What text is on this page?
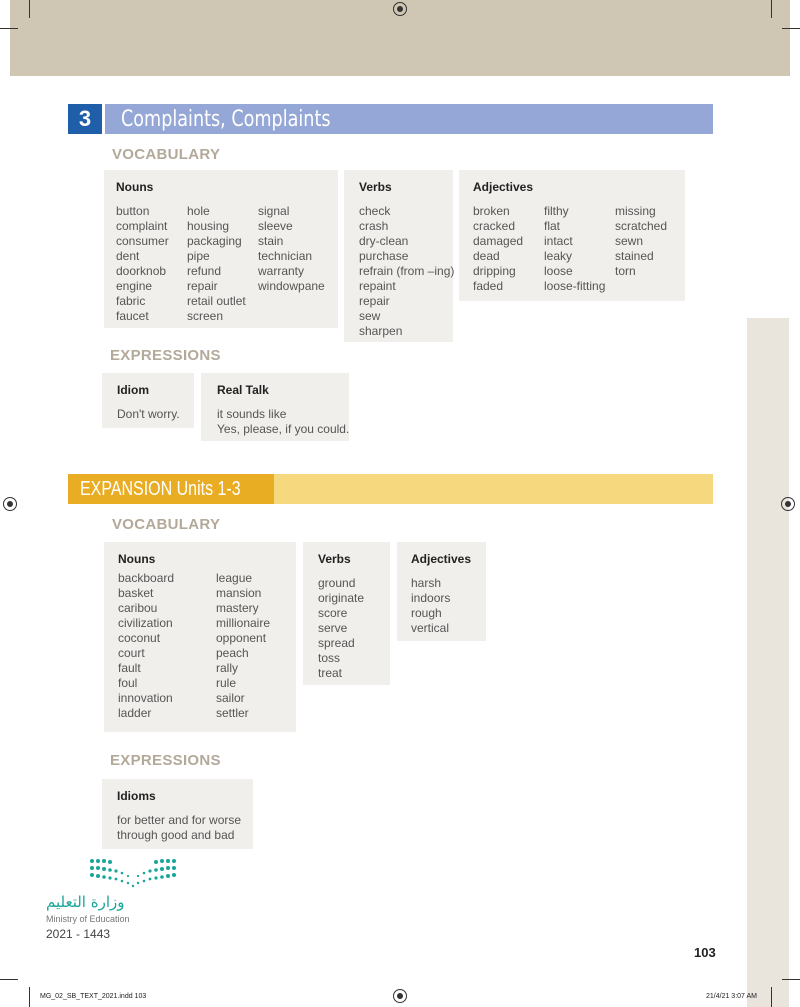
3	Complaints, Complaints
VOCABULARY
Nouns
button
complaint
consumer
dent
doorknob
engine
fabric
faucet
hole
housing
packaging
pipe
refund
repair
retail outlet
screen
signal
sleeve
stain
technician
warranty
windowpane
Verbs
check
crash
dry-clean
purchase
refrain (from –ing)
repaint
repair
sew
sharpen
Adjectives
broken
cracked
damaged
dead
dripping
faded
filthy
flat
intact
leaky
loose
loose-fitting
missing
scratched
sewn
stained
torn
EXPRESSIONS
Idiom
Don't worry.
Real Talk
it sounds like
Yes, please, if you could.
EXPANSION Units 1-3
VOCABULARY
Nouns
backboard
basket
caribou
civilization
coconut
court
fault
foul
innovation
ladder
league
mansion
mastery
millionaire
opponent
peach
rally
rule
sailor
settler
Verbs
ground
originate
score
serve
spread
toss
treat
Adjectives
harsh
indoors
rough
vertical
EXPRESSIONS
Idioms
for better and for worse
through good and bad
وزارة التعليم
Ministry of Education
2021 - 1443
103
MG_02_SB_TEXT_2021.indd 103	21/4/21 3:07 AM
